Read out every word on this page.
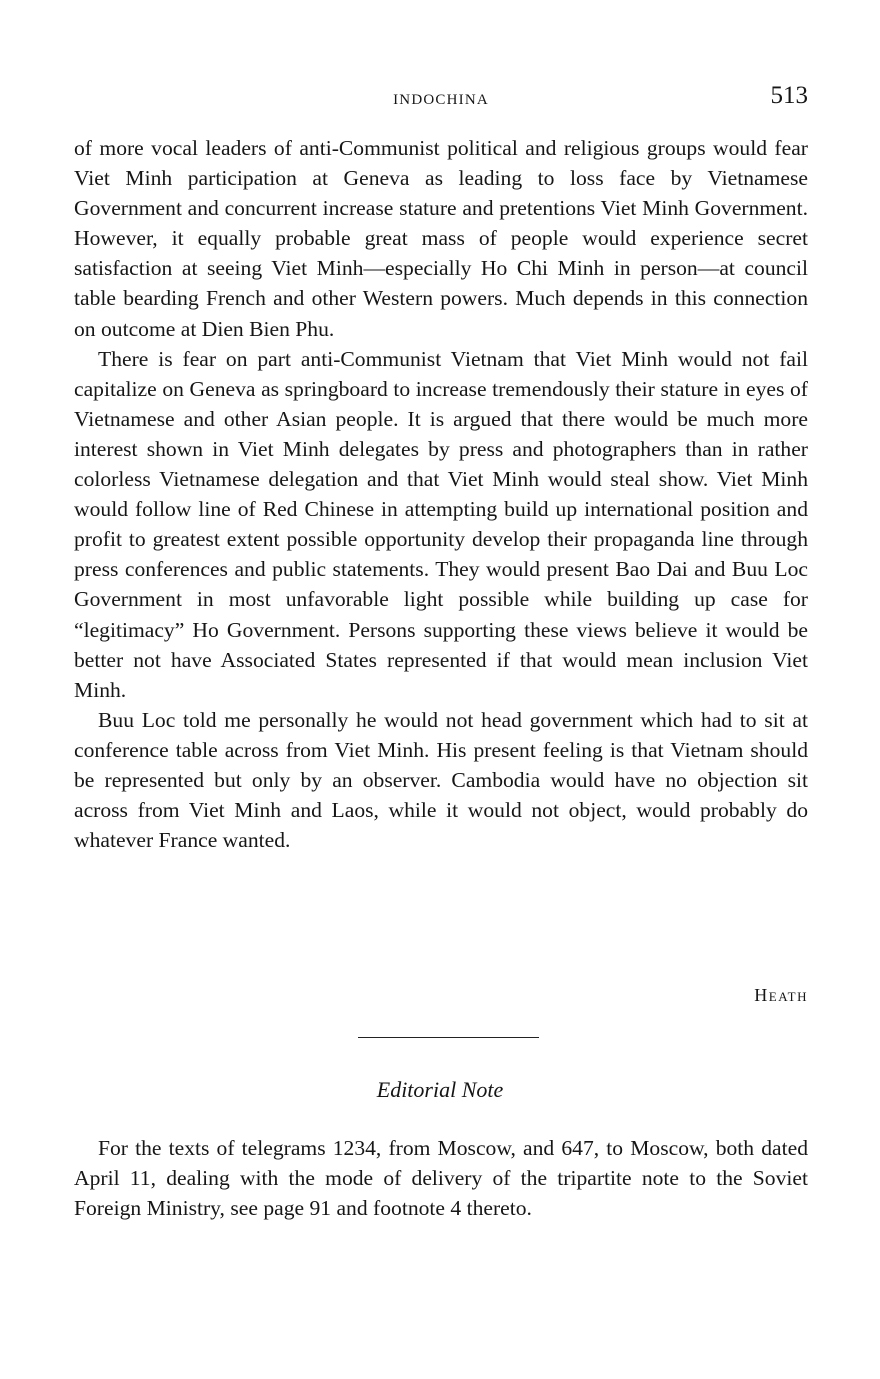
INDOCHINA	513

of more vocal leaders of anti-Communist political and religious groups would fear Viet Minh participation at Geneva as leading to loss face by Vietnamese Government and concurrent increase stature and pretentions Viet Minh Government. However, it equally probable great mass of people would experience secret satisfaction at seeing Viet Minh—especially Ho Chi Minh in person—at council table bearding French and other Western powers. Much depends in this connection on outcome at Dien Bien Phu.

There is fear on part anti-Communist Vietnam that Viet Minh would not fail capitalize on Geneva as springboard to increase tremendously their stature in eyes of Vietnamese and other Asian people. It is argued that there would be much more interest shown in Viet Minh delegates by press and photographers than in rather colorless Vietnamese delegation and that Viet Minh would steal show. Viet Minh would follow line of Red Chinese in attempting build up international position and profit to greatest extent possible opportunity develop their propaganda line through press conferences and public statements. They would present Bao Dai and Buu Loc Government in most unfavorable light possible while building up case for “legitimacy” Ho Government. Persons supporting these views believe it would be better not have Associated States represented if that would mean inclusion Viet Minh.

Buu Loc told me personally he would not head government which had to sit at conference table across from Viet Minh. His present feeling is that Vietnam should be represented but only by an observer. Cambodia would have no objection sit across from Viet Minh and Laos, while it would not object, would probably do whatever France wanted.

Heath
Editorial Note

For the texts of telegrams 1234, from Moscow, and 647, to Moscow, both dated April 11, dealing with the mode of delivery of the tripartite note to the Soviet Foreign Ministry, see page 91 and footnote 4 thereto.
